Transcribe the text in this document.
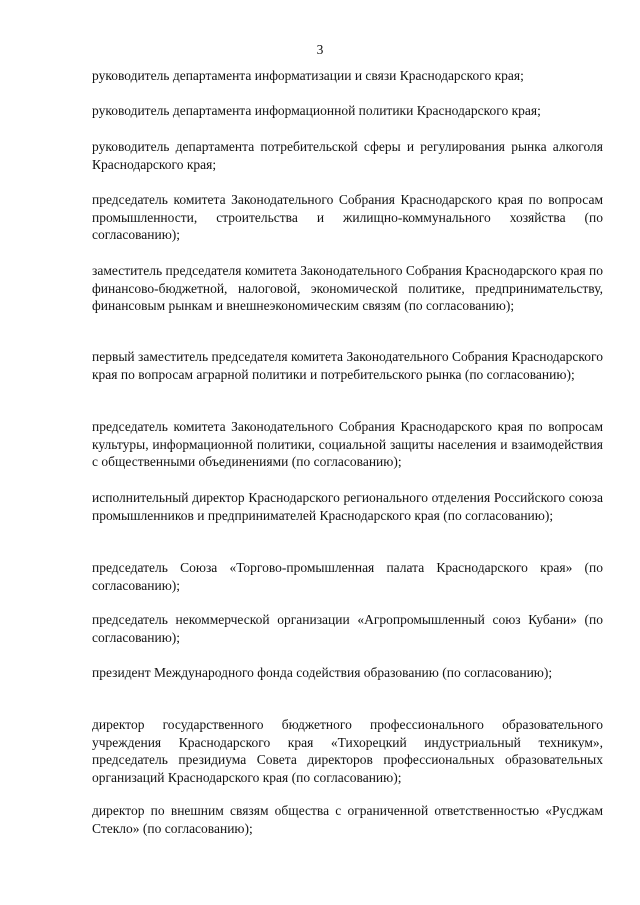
3

руководитель департамента информатизации и связи Краснодарского края;

руководитель департамента информационной политики Краснодарского края;

руководитель департамента потребительской сферы и регулирования рынка алкоголя Краснодарского края;

председатель комитета Законодательного Собрания Краснодарского края по вопросам промышленности, строительства и жилищно-коммунального хозяйства (по согласованию);

заместитель председателя комитета Законодательного Собрания Краснодарского края по финансово-бюджетной, налоговой, экономической политике, предпринимательству, финансовым рынкам и внешнеэкономическим связям (по согласованию);

первый заместитель председателя комитета Законодательного Собрания Краснодарского края по вопросам аграрной политики и потребительского рынка (по согласованию);

председатель комитета Законодательного Собрания Краснодарского края по вопросам культуры, информационной политики, социальной защиты населения и взаимодействия с общественными объединениями (по согласованию);

исполнительный директор Краснодарского регионального отделения Российского союза промышленников и предпринимателей Краснодарского края (по согласованию);

председатель Союза «Торгово-промышленная палата Краснодарского края» (по согласованию);

председатель некоммерческой организации «Агропромышленный союз Кубани» (по согласованию);

президент Международного фонда содействия образованию (по согласованию);

директор государственного бюджетного профессионального образовательного учреждения Краснодарского края «Тихорецкий индустриальный техникум», председатель президиума Совета директоров профессиональных образовательных организаций Краснодарского края (по согласованию);

директор по внешним связям общества с ограниченной ответственностью «Русджам Стекло» (по согласованию);
